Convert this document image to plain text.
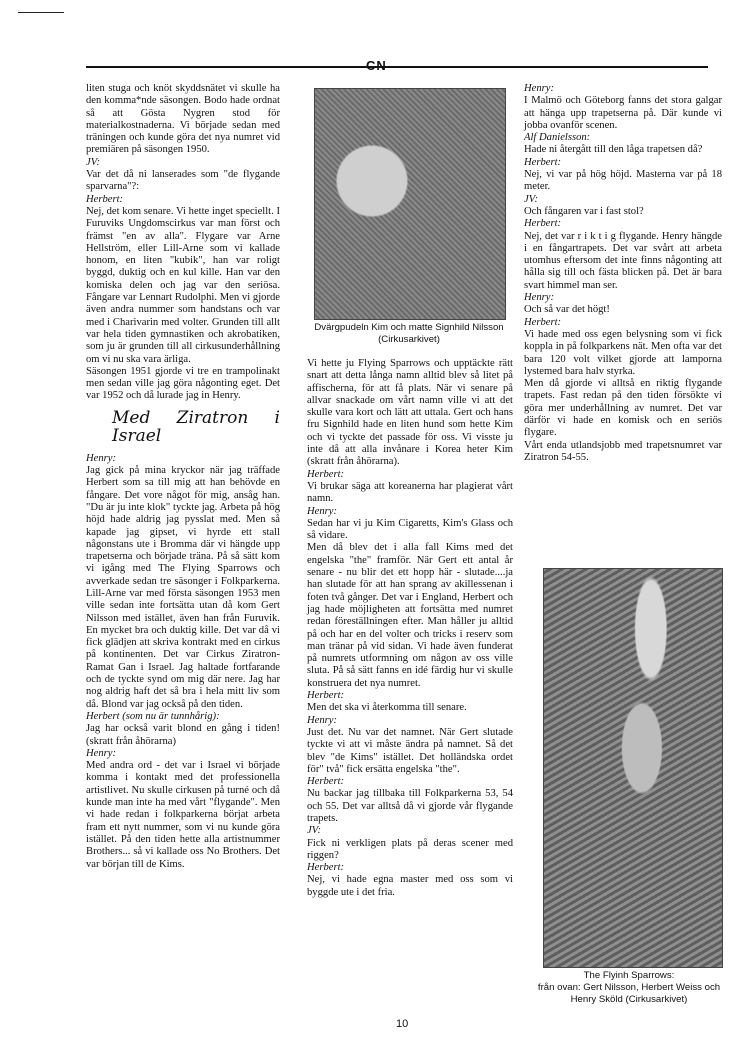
liten stuga och knöt skyddsnätet vi skulle ha den komma*nde säsongen. Bodo hade ordnat så att Gösta Nygren stod för materialkostnaderna. Vi började sedan med träningen och kunde göra det nya numret vid premiären på säsongen 1950.

JV:

Var det då ni lanserades som "de flygande sparvarna"?:

Herbert:

Nej, det kom senare. Vi hette inget speciellt. I Furuviks Ungdomscirkus var man först och främst "en av alla". Flygare var Arne Hellström, eller Lill-Arne som vi kallade honom, en liten "kubik", han var roligt byggd, duktig och en kul kille. Han var den komiska delen och jag var den seriösa. Fångare var Lennart Rudolphi. Men vi gjorde även andra nummer som handstans och var med i Charivarin med volter. Grunden till allt var hela tiden gymnastiken och akrobatiken, som ju är grunden till all cirkusunderhållning om vi nu ska vara ärliga.

Säsongen 1951 gjorde vi tre en trampolinakt men sedan ville jag göra någonting eget. Det var 1952 och då lurade jag in Henry.

Med Ziratron i Israel

Henry:

Jag gick på mina kryckor när jag träffade Herbert som sa till mig att han behövde en fångare. Det vore något för mig, ansåg han. "Du är ju inte klok" tyckte jag. Arbeta på hög höjd hade aldrig jag pysslat med. Men så kapade jag gipset, vi hyrde ett stall någonstans ute i Bromma där vi hängde upp trapetserna och började träna. På så sätt kom vi igång med The Flying Sparrows och avverkade sedan tre säsonger i Folkparkerna. Lill-Arne var med första säsongen 1953 men ville sedan inte fortsätta utan då kom Gert Nilsson med istället, även han från Furuvik. En mycket bra och duktig kille. Det var då vi fick glädjen att skriva kontrakt med en cirkus på kontinenten. Det var Cirkus Ziratron-Ramat Gan i Israel. Jag haltade fortfarande och de tyckte synd om mig där nere. Jag har nog aldrig haft det så bra i hela mitt liv som då. Blond var jag också på den tiden.

Herbert (som nu är tunnhårig):

Jag har också varit blond en gång i tiden! (skratt från åhörarna)

Henry:

Med andra ord - det var i Israel vi började komma i kontakt med det professionella artistlivet. Nu skulle cirkusen på turné och då kunde man inte ha med vårt "flygande". Men vi hade redan i folkparkerna börjat arbeta fram ett nytt nummer, som vi nu kunde göra istället. På den tiden hette alla artistnummer Brothers... så vi kallade oss No Brothers. Det var början till de Kims.

Dvärgpudeln Kim och matte Signhild Nilsson
(Cirkusarkivet)

Vi hette ju Flying Sparrows och upptäckte rätt snart att detta långa namn alltid blev så litet på affischerna, för att få plats. När vi senare på allvar snackade om vårt namn ville vi att det skulle vara kort och lätt att uttala. Gert och hans fru Signhild hade en liten hund som hette Kim och vi tyckte det passade för oss. Vi visste ju inte då att alla invånare i Korea heter Kim (skratt från åhörarna).

Herbert:

Vi brukar säga att koreanerna har plagierat vårt namn.

Henry:

Sedan har vi ju Kim Cigaretts, Kim's Glass och så vidare.

Men då blev det i alla fall Kims med det engelska "the" framför. När Gert ett antal år senare - nu blir det ett hopp här - slutade....ja han slutade för att han sprang av akillessenan i foten två gånger. Det var i England, Herbert och jag hade möjligheten att fortsätta med numret redan föreställningen efter. Man håller ju alltid på och har en del volter och tricks i reserv som man tränar på vid sidan. Vi hade även funderat på numrets utformning om någon av oss ville sluta. På så sätt fanns en idé färdig hur vi skulle konstruera det nya numret.

Herbert:

Men det ska vi återkomma till senare.

Henry:

Just det. Nu var det namnet. När Gert slutade tyckte vi att vi måste ändra på namnet. Så det blev "de Kims" istället. Det holländska ordet för" två" fick ersätta engelska "the".

Herbert:

Nu backar jag tillbaka till Folkparkerna 53, 54 och 55. Det var alltså då vi gjorde vår flygande trapets.

JV:

Fick ni verkligen plats på deras scener med riggen?

Herbert:

Nej, vi hade egna master med oss som vi byggde ute i det fria.

Henry:

I Malmö och Göteborg fanns det stora galgar att hänga upp trapetserna på. Där kunde vi jobba ovanför scenen.

Alf Danielsson:

Hade ni återgått till den låga trapetsen då?

Herbert:

Nej, vi var på hög höjd. Masterna var på 18 meter.

JV:

Och fångaren var i fast stol?

Herbert:

Nej, det var r i k t i g flygande. Henry hängde i en fångartrapets. Det var svårt att arbeta utomhus eftersom det inte finns någonting att hålla sig till och fästa blicken på. Det är bara svart himmel man ser.

Henry:

Och så var det högt!

Herbert:

Vi hade med oss egen belysning som vi fick koppla in på folkparkens nät. Men ofta var det bara 120 volt vilket gjorde att lamporna lystemed bara halv styrka.

Men då gjorde vi alltså en riktig flygande trapets. Fast redan på den tiden försökte vi göra mer underhållning av numret. Det var därför vi hade en komisk och en seriös flygare.

Vårt enda utlandsjobb med trapetsnumret var Ziratron 54-55.

The Flyinh Sparrows:
från ovan: Gert Nilsson, Herbert Weiss och
Henry Sköld (Cirkusarkivet)
10
